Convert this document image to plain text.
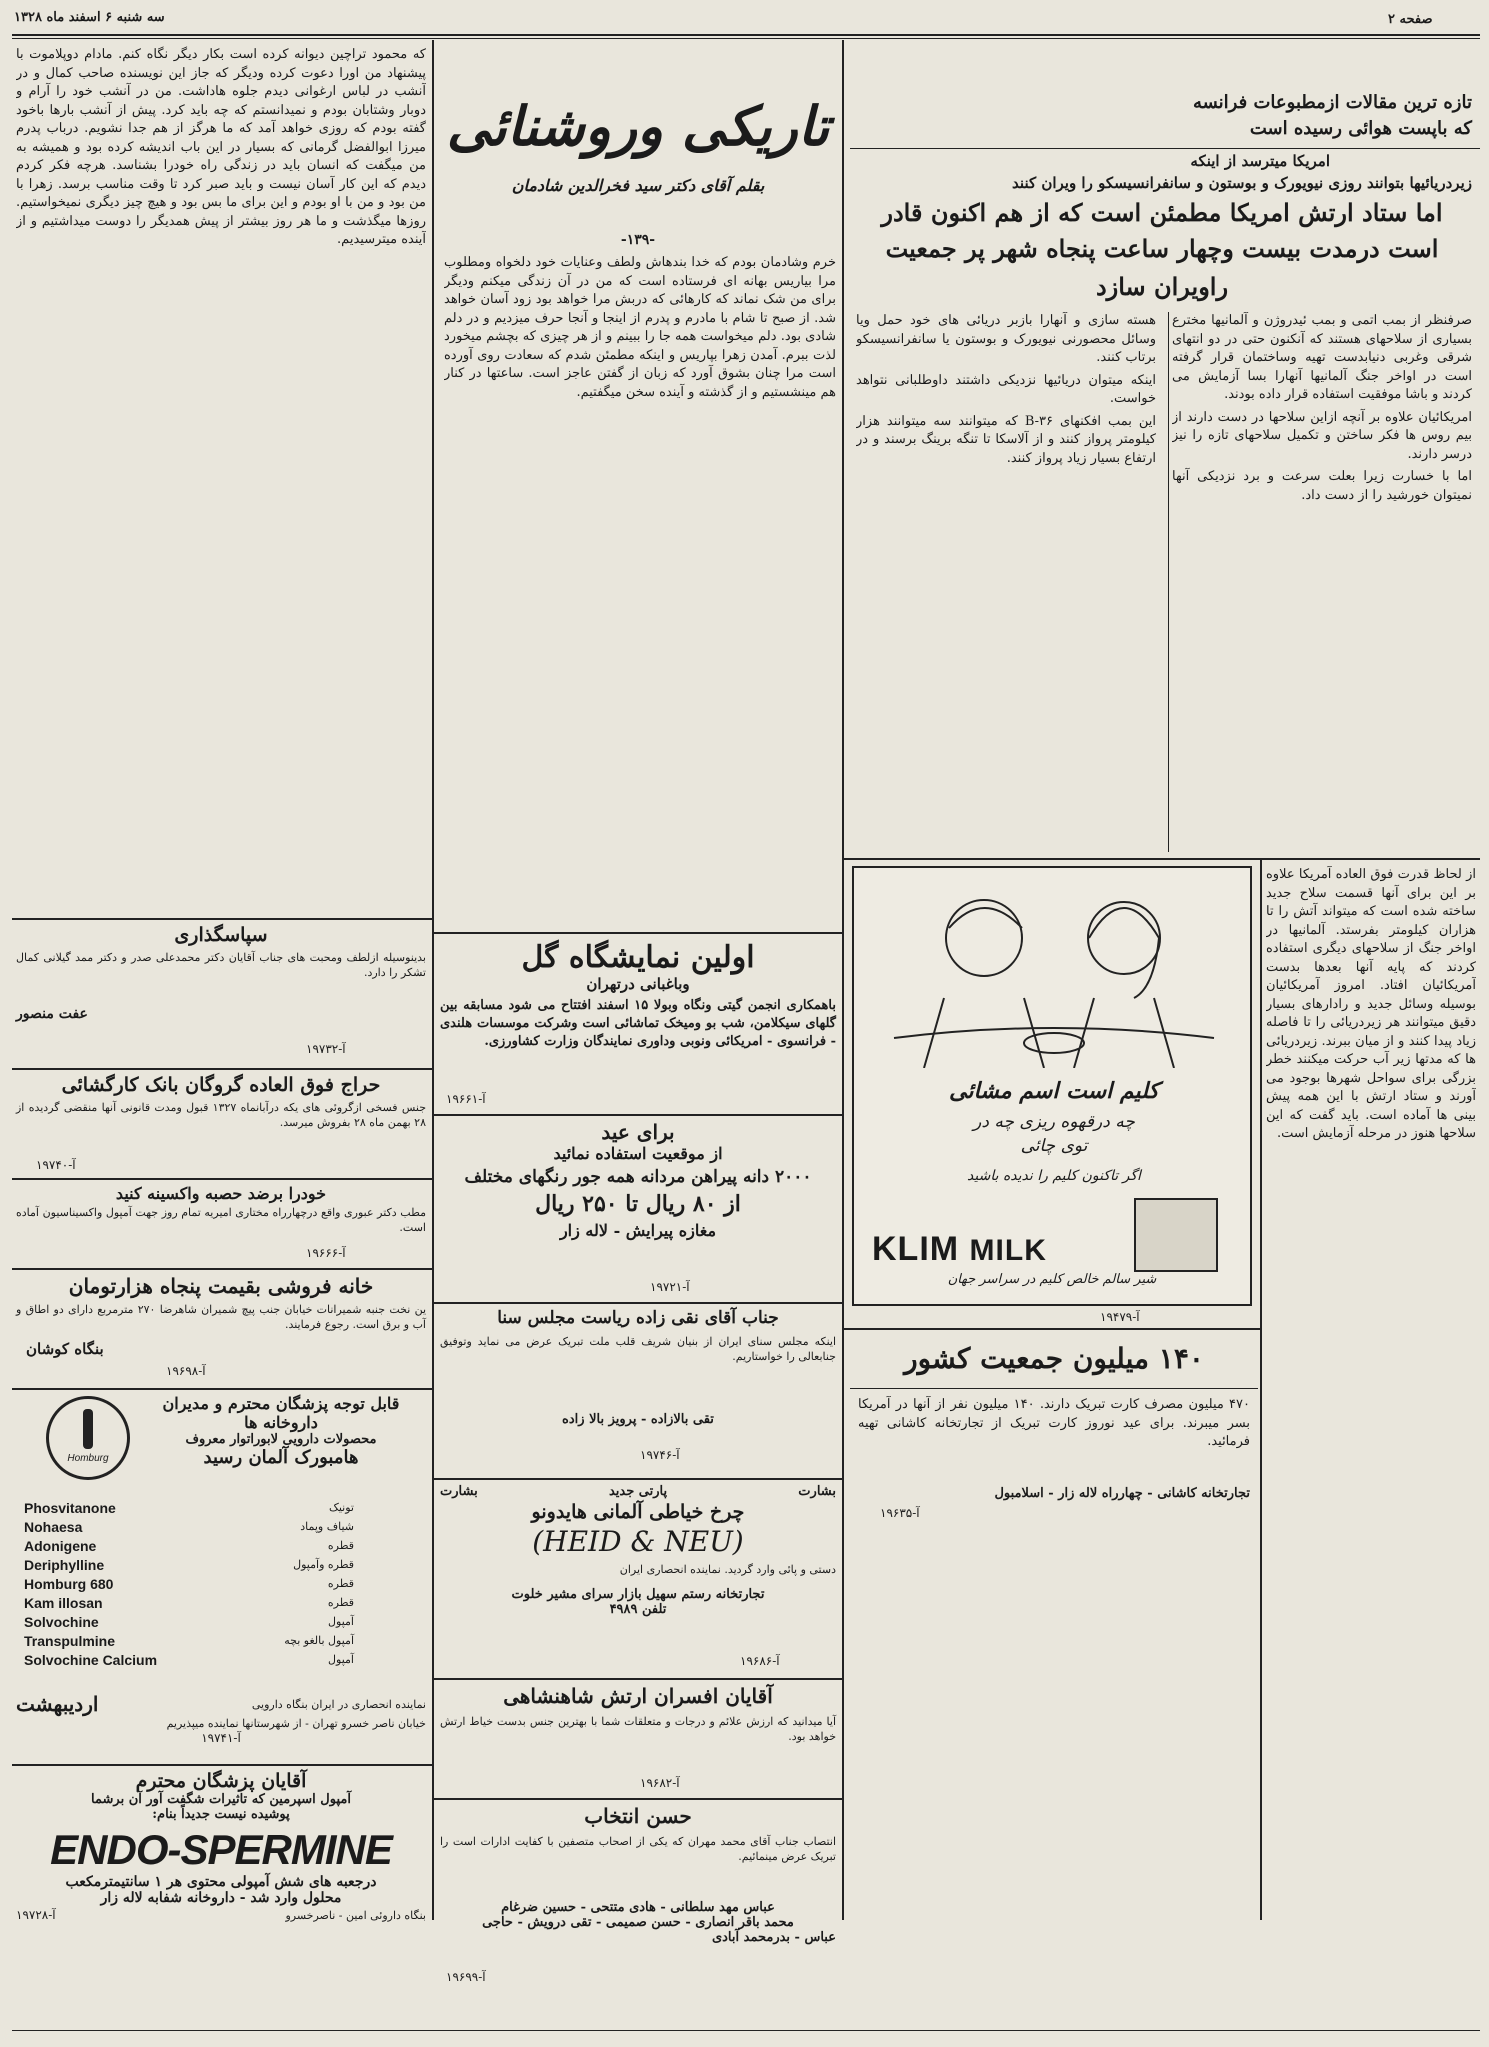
سه شنبه ۶ اسفند ماه ۱۳۲۸	صفحه ۲
تازه ترین مقالات ازمطبوعات فرانسه
که باپست هوائی رسیده است
امریکا میترسد از اینکه
زیردریائیها بتوانند روزی نیویورک و بوستون و سانفرانسیسکو را ویران کنند
اما ستاد ارتش امریکا مطمئن است که از هم اکنون قادر
است درمدت بیست وچهار ساعت پنجاه شهر پر جمعیت
راویران سازد

صرفنظر از بمب اتمی و بمب ئیدروژن و آلمانیها مخترع بسیاری از سلاحهای هستند که آنکنون حتی در دو انتهای شرقی وغربی دنیابدست تهیه وساختمان قرار گرفته است در اواخر جنگ آلمانیها آنهارا بسا آزمایش می کردند و باشا موفقیت استفاده قرار داده بودند.

امریکائیان علاوه بر آنچه ازاین سلاحها در دست دارند از بیم روس ها فکر ساختن و تکمیل سلاحهای تازه را نیز درسر دارند.

اما با خسارت زیرا بعلت سرعت و برد نزدیکی آنها نمیتوان خورشید را از دست داد.

هسته سازی و آنهارا بازبر دریائی های خود حمل ویا وسائل محصورنی نیویورک و بوستون یا سانفرانسیسکو برتاب کنند.

اینکه میتوان دریائیها نزدیکی داشتند داوطلبانی نتواهد خواست.

این بمب افکنهای B-۳۶ که میتوانند سه میتوانند هزار کیلومتر پرواز کنند و از آلاسکا تا تنگه برینگ برسند و در ارتفاع بسیار زیاد پرواز کنند.

کلیم است اسم مشائی
چه درقهوه ریزی چه در
توی چائی
اگر تاکنون کلیم را ندیده باشید
KLIM MILK
شیر سالم خالص کلیم در سراسر جهان
آ-۱۹۴۷۹
۱۴۰ میلیون جمعیت کشور
۴۷۰ میلیون مصرف کارت تبریک دارند. ۱۴۰ میلیون نفر از آنها در آمریکا بسر میبرند. برای عید نوروز کارت تبریک از تجارتخانه کاشانی تهیه فرمائید.
تجارتخانه کاشانی - چهارراه لاله زار - اسلامبول
آ-۱۹۶۳۵
از لحاظ قدرت فوق العاده آمریکا علاوه بر این برای آنها قسمت سلاح جدید ساخته شده است که میتواند آتش را تا هزاران کیلومتر بفرستد. آلمانیها در اواخر جنگ از سلاحهای دیگری استفاده کردند که پایه آنها بعدها بدست آمریکائیان افتاد. امروز آمریکائیان بوسیله وسائل جدید و رادارهای بسیار دقیق میتوانند هر زیردریائی را تا فاصله زیاد پیدا کنند و از میان ببرند. زیردریائی ها که مدتها زیر آب حرکت میکنند خطر بزرگی برای سواحل شهرها بوجود می آورند و ستاد ارتش با این همه پیش بینی ها آماده است. باید گفت که این سلاحها هنوز در مرحله آزمایش است.
تاریکی وروشنائی
بقلم آقای دکتر سید فخرالدین شادمان
-۱۳۹-
خرم وشادمان بودم که خدا بندهاش ولطف وعنایات خود دلخواه ومطلوب مرا بیاریس بهانه ای فرستاده است که من در آن زندگی میکنم ودیگر برای من شک نماند که کارهائی که دربش مرا خواهد بود زود آسان خواهد شد. از صبح تا شام با مادرم و پدرم از اینجا و آنجا حرف میزدیم و در دلم شادی بود. دلم میخواست همه جا را ببینم و از هر چیزی که بچشم میخورد لذت ببرم. آمدن زهرا بپاریس و اینکه مطمئن شدم که سعادت روی آورده است مرا چنان بشوق آورد که زبان از گفتن عاجز است. ساعتها در کنار هم مینشستیم و از گذشته و آینده سخن میگفتیم.
که محمود تراچین دیوانه کرده است بکار دیگر نگاه کنم. مادام دوپلاموت با پیشنهاد من اورا دعوت کرده ودیگر که جاز این نویسنده صاحب کمال و در آنشب در لباس ارغوانی دیدم جلوه هاداشت. من در آنشب خود را آرام و دوبار وشتابان بودم و نمیدانستم که چه باید کرد. پیش از آنشب بارها باخود گفته بودم که روزی خواهد آمد که ما هرگز از هم جدا نشویم. درباب پدرم میرزا ابوالفضل گرمانی که بسیار در این باب اندیشه کرده بود و همیشه به من میگفت که انسان باید در زندگی راه خودرا بشناسد. هرچه فکر کردم دیدم که این کار آسان نیست و باید صبر کرد تا وقت مناسب برسد. زهرا با من بود و من با او بودم و این برای ما بس بود و هیچ چیز دیگری نمیخواستیم. روزها میگذشت و ما هر روز بیشتر از پیش همدیگر را دوست میداشتیم و از آینده میترسیدیم.
اولین نمایشگاه گل
وباغبانی درتهران
باهمکاری انجمن گیتی ونگاه وبولا ۱۵ اسفند افتتاح می شود مسابقه بین گلهای سیکلامن، شب بو ومیخک تماشائی است وشرکت موسسات هلندی - فرانسوی - امریکائی ونوبی وداوری نمایندگان وزارت کشاورزی.
آ-۱۹۶۶۱
برای عید
از موقعیت استفاده نمائید
۲۰۰۰ دانه پیراهن مردانه همه جور رنگهای مختلف
از ۸۰ ریال تا ۲۵۰ ریال
مغازه پیرایش - لاله زار
آ-۱۹۷۲۱
جناب آقای نقی زاده ریاست مجلس سنا
اینکه مجلس سنای ایران از بنیان شریف قلب ملت تبریک عرض می نماید وتوفیق جنابعالی را خواستاریم.
تقی بالازاده - پرویز بالا زاده
آ-۱۹۷۴۶
بشارت
پارتی جدید
بشارت
چرخ خیاطی آلمانی هایدونو
(HEID & NEU)
دستی و پائی وارد گردید. نماینده انحصاری ایران
تجارتخانه رستم سهیل بازار سرای مشیر خلوت
تلفن ۴۹۸۹
آ-۱۹۶۸۶
آقایان افسران ارتش شاهنشاهی
آیا میدانید که ارزش علائم و درجات و متعلقات شما با بهترین جنس بدست خیاط ارتش خواهد بود.
آ-۱۹۶۸۲
حسن انتخاب
انتصاب جناب آقای محمد مهران که یکی از اصحاب متصفین با کفایت ادارات است را تبریک عرض مینمائیم.
عباس مهد سلطانی - هادی متتحی - حسین ضرغام
محمد باقر انصاری - حسن صمیمی - تقی درویش - حاجی
عباس - بدرمحمد آبادی
آ-۱۹۶۹۹
سپاسگذاری
بدینوسیله ازلطف ومحبت های جناب آقایان دکتر محمدعلی صدر و دکتر ممد گیلانی کمال تشکر را دارد.
عفت منصور
آ-۱۹۷۳۲
حراج فوق العاده گروگان بانک کارگشائی
جنس فسخی ازگروئی های یکه درآبانماه ۱۳۲۷ قبول ومدت قانونی آنها منقضی گردیده از ۲۸ بهمن ماه ۲۸ بفروش میرسد.
آ-۱۹۷۴۰
خودرا برضد حصبه واکسینه کنید
مطب دکتر عبوری واقع درچهارراه مختاری امیریه تمام روز جهت آمپول واکسیناسیون آماده است.
آ-۱۹۶۶۶
خانه فروشی بقیمت پنجاه هزارتومان
ین نخت جنبه شمیرانات خیابان جنب پیچ شمیران شاهرضا ۲۷۰ مترمربع دارای دو اطاق و آب و برق است. رجوع فرمایند.
بنگاه کوشان
آ-۱۹۶۹۸
قابل توجه پزشگان محترم و مدیران
داروخانه ها
محصولات دارویی لابوراتوار معروف
هامبورک آلمان رسید
Homburg
Phosvitanone	تونیک
Nohaesa	شیاف وپماد
Adonigene	قطره
Deriphylline	قطره وآمپول
Homburg 680	قطره
Kam illosan	قطره
Solvochine	آمپول
Transpulmine	آمپول بالغو بچه
Solvochine Calcium	آمپول
نماینده انحصاری در ایران بنگاه دارویی
اردیبهشت
خیابان ناصر خسرو تهران - از شهرستانها نماینده میپذیریم
آ-۱۹۷۴۱
آقایان پزشگان محترم
آمپول اسپرمین که تاثیرات شگفت آور آن برشما
پوشیده نیست جدیداً بنام:
ENDO-SPERMINE
درجعبه های شش آمپولی محتوی هر ۱ سانتیمترمکعب
محلول وارد شد - داروخانه شفابه لاله زار
بنگاه داروئی امین - ناصرخسرو
آ-۱۹۷۲۸
